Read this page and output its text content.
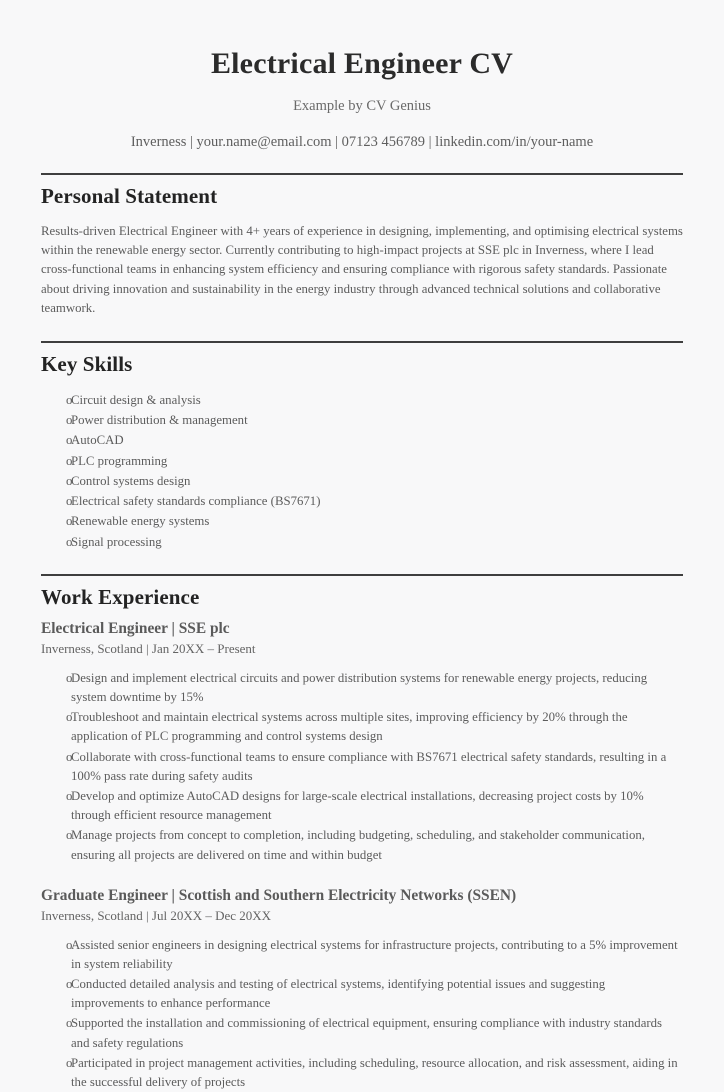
Electrical Engineer CV
Example by CV Genius
Inverness | your.name@email.com | 07123 456789 | linkedin.com/in/your-name
Personal Statement

Results-driven Electrical Engineer with 4+ years of experience in designing, implementing, and optimising electrical systems within the renewable energy sector. Currently contributing to high-impact projects at SSE plc in Inverness, where I lead cross-functional teams in enhancing system efficiency and ensuring compliance with rigorous safety standards. Passionate about driving innovation and sustainability in the energy industry through advanced technical solutions and collaborative teamwork.

Key Skills
o
Circuit design & analysis
o
Power distribution & management
o
AutoCAD
o
PLC programming
o
Control systems design
o
Electrical safety standards compliance (BS7671)
o
Renewable energy systems
o
Signal processing
Work Experience
Electrical Engineer | SSE plc
Inverness, Scotland | Jan 20XX – Present
o
Design and implement electrical circuits and power distribution systems for renewable energy projects, reducing system downtime by 15%
o
Troubleshoot and maintain electrical systems across multiple sites, improving efficiency by 20% through the application of PLC programming and control systems design
o
Collaborate with cross-functional teams to ensure compliance with BS7671 electrical safety standards, resulting in a 100% pass rate during safety audits
o
Develop and optimize AutoCAD designs for large-scale electrical installations, decreasing project costs by 10% through efficient resource management
o
Manage projects from concept to completion, including budgeting, scheduling, and stakeholder communication, ensuring all projects are delivered on time and within budget
Graduate Engineer | Scottish and Southern Electricity Networks (SSEN)
Inverness, Scotland | Jul 20XX – Dec 20XX
o
Assisted senior engineers in designing electrical systems for infrastructure projects, contributing to a 5% improvement in system reliability
o
Conducted detailed analysis and testing of electrical systems, identifying potential issues and suggesting improvements to enhance performance
o
Supported the installation and commissioning of electrical equipment, ensuring compliance with industry standards and safety regulations
o
Participated in project management activities, including scheduling, resource allocation, and risk assessment, aiding in the successful delivery of projects
